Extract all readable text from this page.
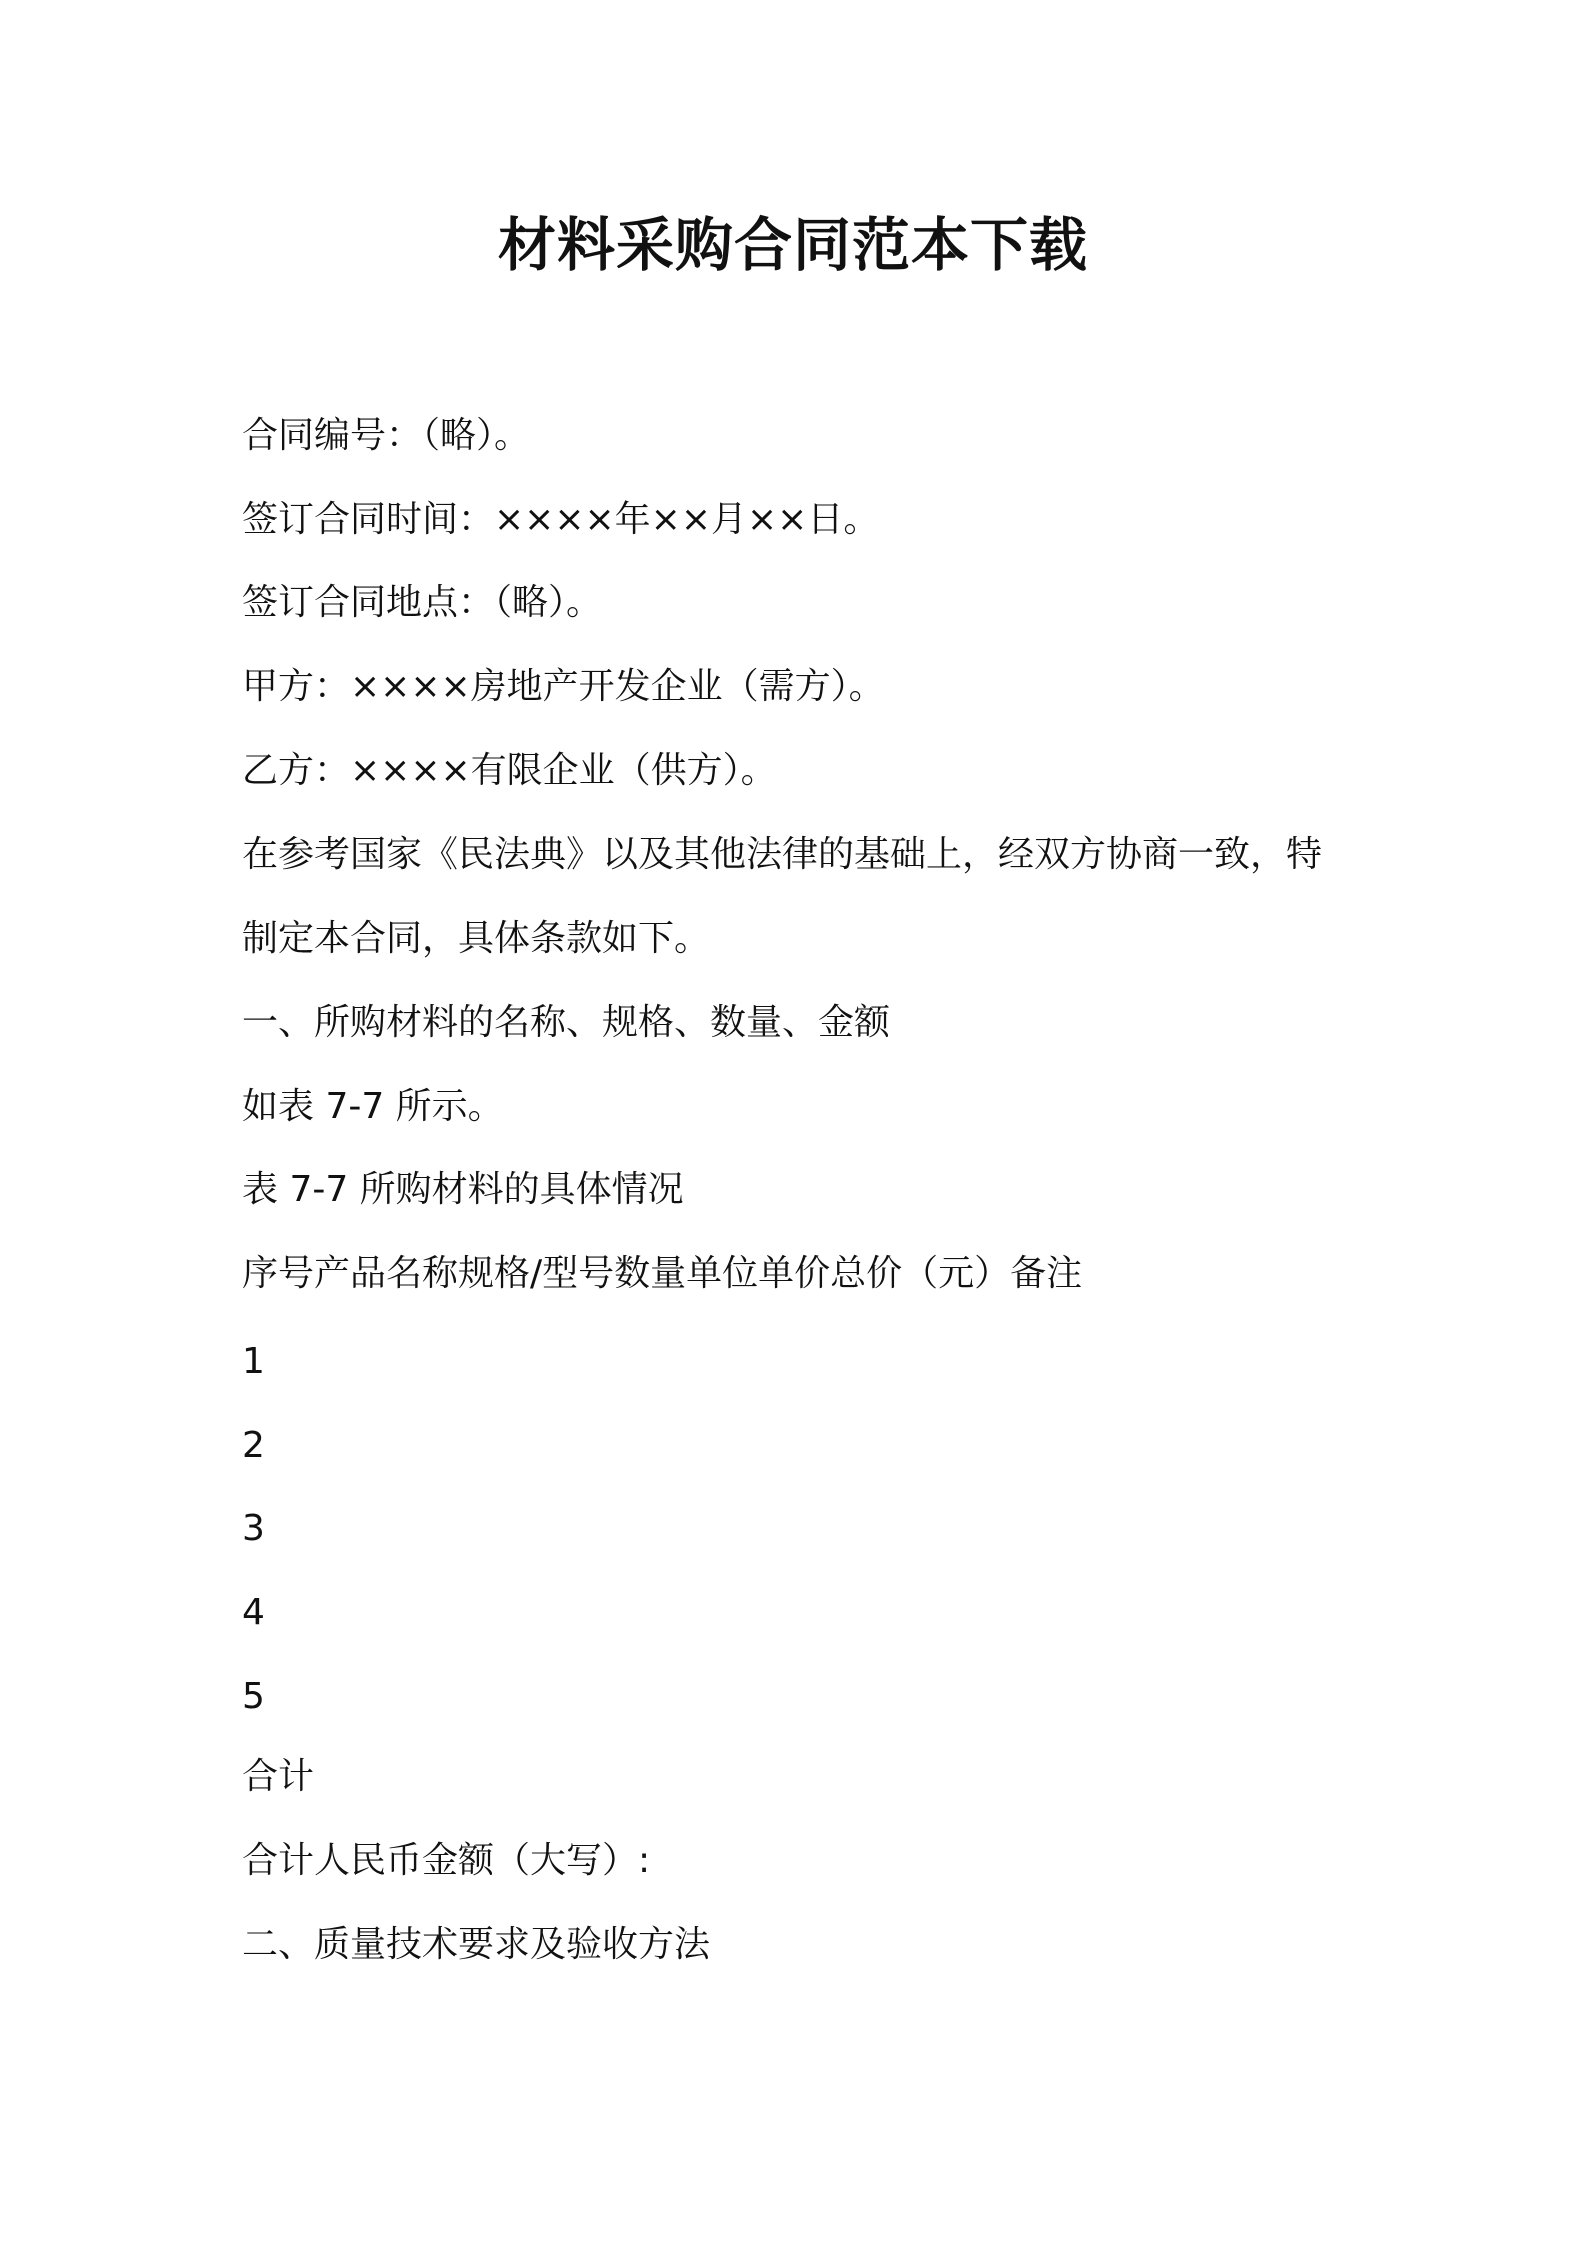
材料采购合同范本下载

合同编号：（略）。

签订合同时间：××××年××月××日。

签订合同地点：（略）。

甲方：××××房地产开发企业（需方）。

乙方：××××有限企业（供方）。

在参考国家《民法典》以及其他法律的基础上，经双方协商一致，特

制定本合同，具体条款如下。

一、所购材料的名称、规格、数量、金额

如表 7-7 所示。

表 7-7 所购材料的具体情况

序号产品名称规格/型号数量单位单价总价（元）备注

1

2

3

4

5

合计

合计人民币金额（大写）:

二、质量技术要求及验收方法
